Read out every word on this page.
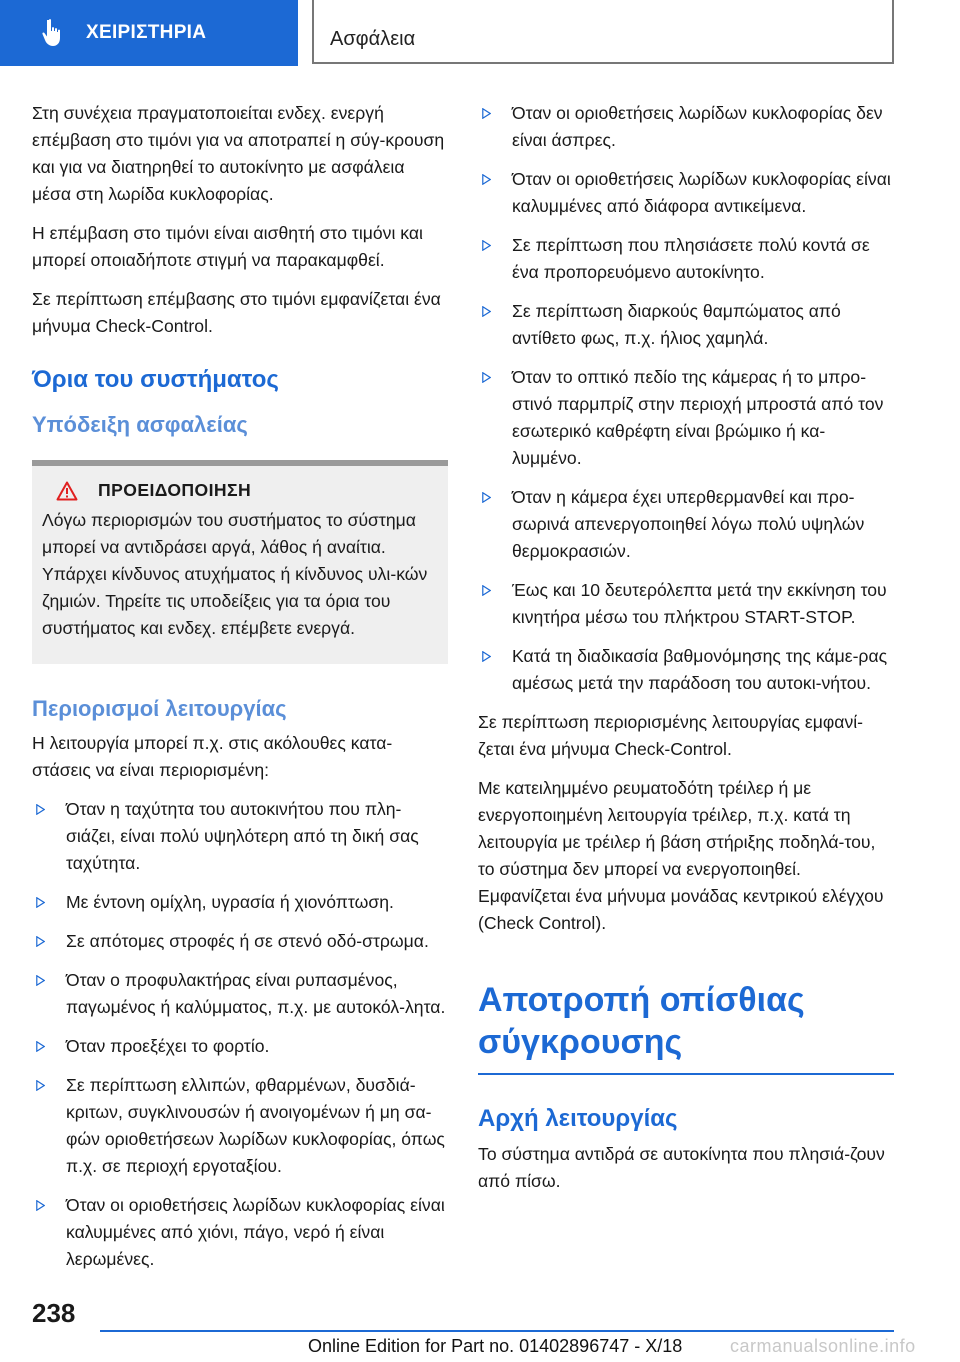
ΧΕΙΡΙΣΤΗΡΙΑ	Ασφάλεια

Στη συνέχεια πραγματοποιείται ενδεχ. ενεργή επέμβαση στο τιμόνι για να αποτραπεί η σύγ‐κρουση και για να διατηρηθεί το αυτοκίνητο με ασφάλεια μέσα στη λωρίδα κυκλοφορίας.

Η επέμβαση στο τιμόνι είναι αισθητή στο τιμόνι και μπορεί οποιαδήποτε στιγμή να παρακαμφθεί.

Σε περίπτωση επέμβασης στο τιμόνι εμφανίζεται ένα μήνυμα Check-Control.

Όρια του συστήματος
Υπόδειξη ασφαλείας
ΠΡΟΕΙΔΟΠΟΙΗΣΗ

Λόγω περιορισμών του συστήματος το σύστημα μπορεί να αντιδράσει αργά, λάθος ή αναίτια. Υπάρχει κίνδυνος ατυχήματος ή κίνδυνος υλι‐κών ζημιών. Τηρείτε τις υποδείξεις για τα όρια του συστήματος και ενδεχ. επέμβετε ενεργά.

Περιορισμοί λειτουργίας

Η λειτουργία μπορεί π.χ. στις ακόλουθες κατα‐στάσεις να είναι περιορισμένη:

Όταν η ταχύτητα του αυτοκινήτου που πλη‐σιάζει, είναι πολύ υψηλότερη από τη δική σας ταχύτητα.
Με έντονη ομίχλη, υγρασία ή χιονόπτωση.
Σε απότομες στροφές ή σε στενό οδό‐στρωμα.
Όταν ο προφυλακτήρας είναι ρυπασμένος, παγωμένος ή καλύμματος, π.χ. με αυτοκόλ‐λητα.
Όταν προεξέχει το φορτίο.
Σε περίπτωση ελλιπών, φθαρμένων, δυσδιά‐κριτων, συγκλινουσών ή ανοιγομένων ή μη σα‐φών οριοθετήσεων λωρίδων κυκλοφορίας, όπως π.χ. σε περιοχή εργοταξίου.
Όταν οι οριοθετήσεις λωρίδων κυκλοφορίας είναι καλυμμένες από χιόνι, πάγο, νερό ή είναι λερωμένες.
Όταν οι οριοθετήσεις λωρίδων κυκλοφορίας δεν είναι άσπρες.
Όταν οι οριοθετήσεις λωρίδων κυκλοφορίας είναι καλυμμένες από διάφορα αντικείμενα.
Σε περίπτωση που πλησιάσετε πολύ κοντά σε ένα προπορευόμενο αυτοκίνητο.
Σε περίπτωση διαρκούς θαμπώματος από αντίθετο φως, π.χ. ήλιος χαμηλά.
Όταν το οπτικό πεδίο της κάμερας ή το μπρο‐στινό παρμπρίζ στην περιοχή μπροστά από τον εσωτερικό καθρέφτη είναι βρώμικο ή κα‐λυμμένο.
Όταν η κάμερα έχει υπερθερμανθεί και προ‐σωρινά απενεργοποιηθεί λόγω πολύ υψηλών θερμοκρασιών.
Έως και 10 δευτερόλεπτα μετά την εκκίνηση του κινητήρα μέσω του πλήκτρου START-STOP.
Κατά τη διαδικασία βαθμονόμησης της κάμε‐ρας αμέσως μετά την παράδοση του αυτοκι‐νήτου.

Σε περίπτωση περιορισμένης λειτουργίας εμφανί‐ζεται ένα μήνυμα Check-Control.

Με κατειλημμένο ρευματοδότη τρέιλερ ή με ενεργοποιημένη λειτουργία τρέιλερ, π.χ. κατά τη λειτουργία με τρέιλερ ή βάση στήριξης ποδηλά‐του, το σύστημα δεν μπορεί να ενεργοποιηθεί. Εμφανίζεται ένα μήνυμα μονάδας κεντρικού ελέγχου (Check Control).

Αποτροπή οπίσθιας σύγκρουσης
Αρχή λειτουργίας

Το σύστημα αντιδρά σε αυτοκίνητα που πλησιά‐ζουν από πίσω.

238
Online Edition for Part no. 01402896747 - X/18	carmanualsonline.info
